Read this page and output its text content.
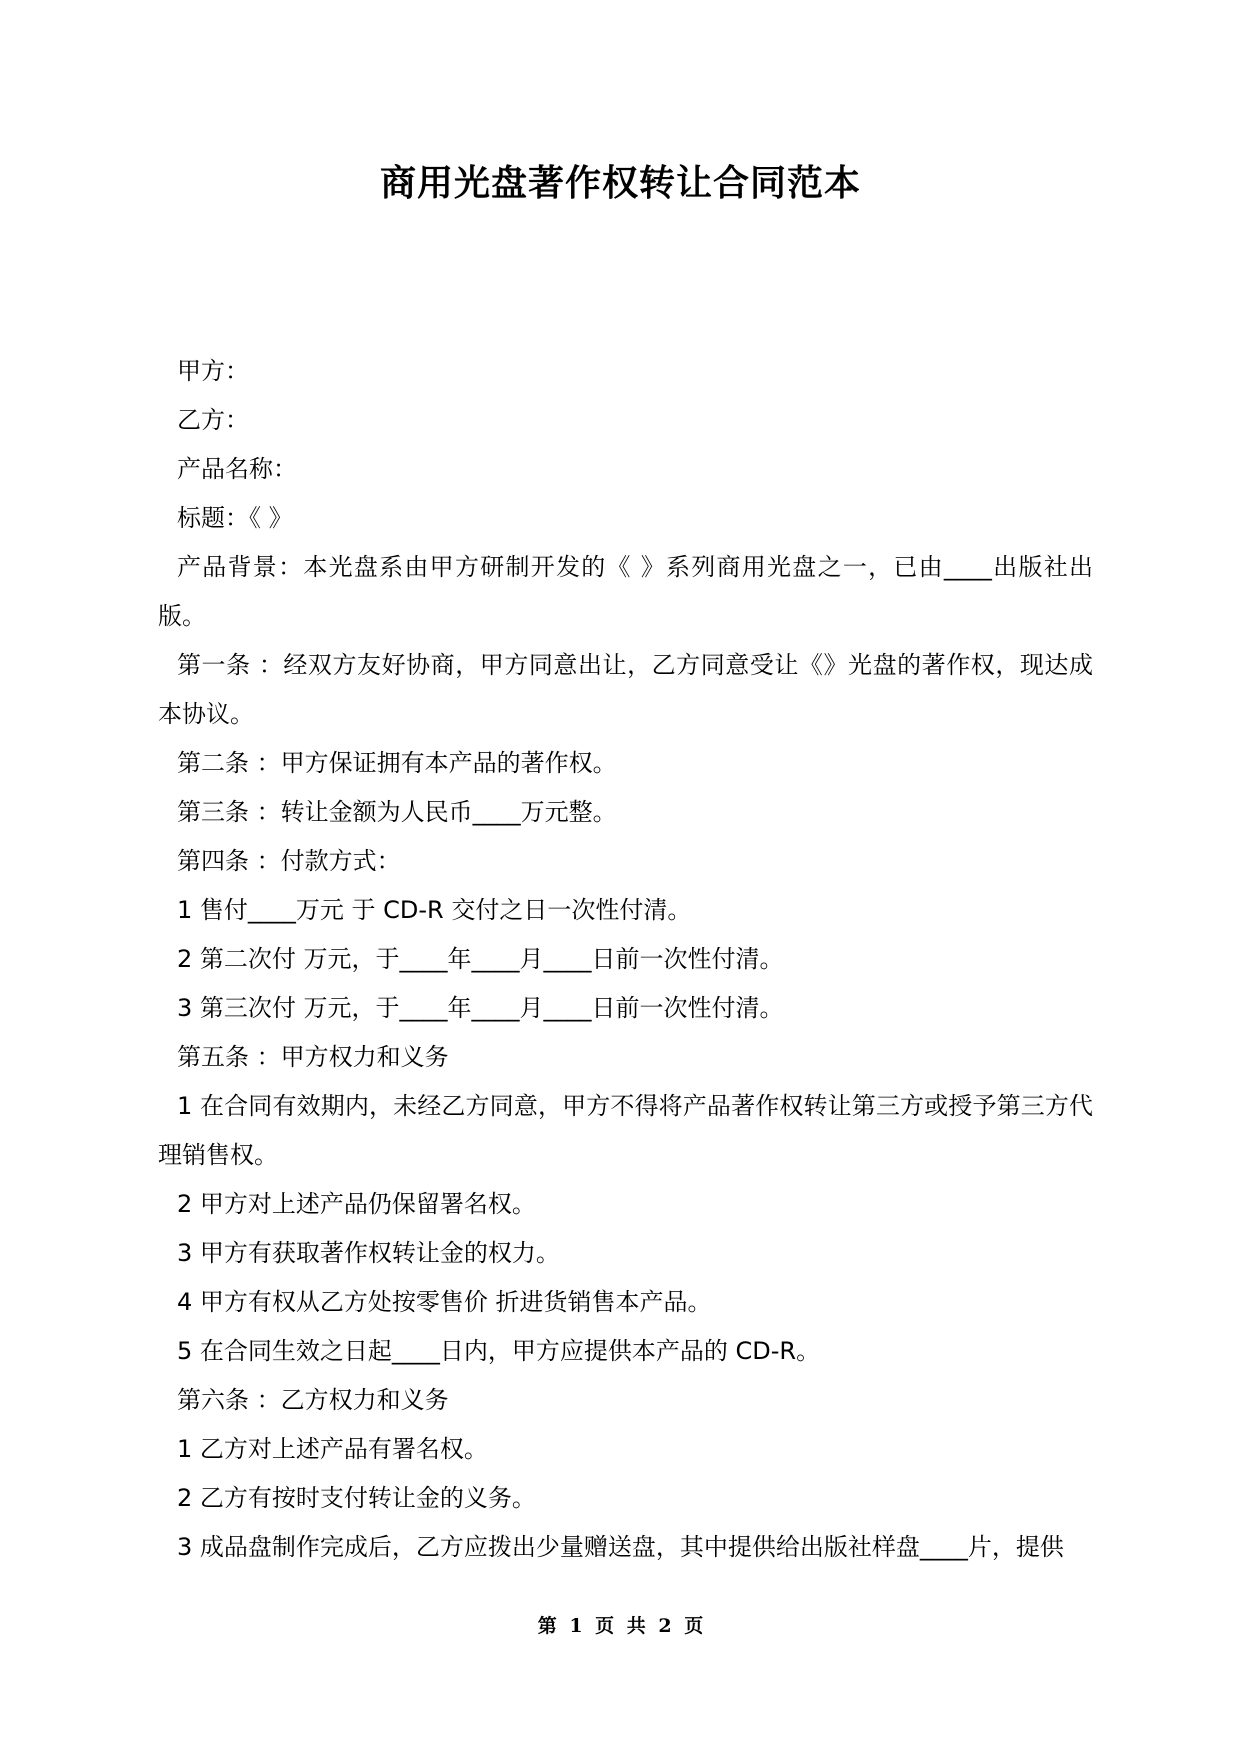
商用光盘著作权转让合同范本

甲方：

乙方：

产品名称：

标题：《 》

产品背景：本光盘系由甲方研制开发的《 》系列商用光盘之一，已由____出版社出版。

第一条 ：经双方友好协商，甲方同意出让，乙方同意受让《》光盘的著作权，现达成本协议。

第二条 ：甲方保证拥有本产品的著作权。

第三条 ：转让金额为人民币____万元整。

第四条 ：付款方式：

1 售付____万元 于 CD-R 交付之日一次性付清。

2 第二次付 万元，于____年____月____日前一次性付清。

3 第三次付 万元，于____年____月____日前一次性付清。

第五条 ：甲方权力和义务

1 在合同有效期内，未经乙方同意，甲方不得将产品著作权转让第三方或授予第三方代理销售权。

2 甲方对上述产品仍保留署名权。

3 甲方有获取著作权转让金的权力。

4 甲方有权从乙方处按零售价 折进货销售本产品。

5 在合同生效之日起____日内，甲方应提供本产品的 CD-R。

第六条 ：乙方权力和义务

1 乙方对上述产品有署名权。

2 乙方有按时支付转让金的义务。

3 成品盘制作完成后，乙方应拨出少量赠送盘，其中提供给出版社样盘____片，提供

第 1 页 共 2 页
